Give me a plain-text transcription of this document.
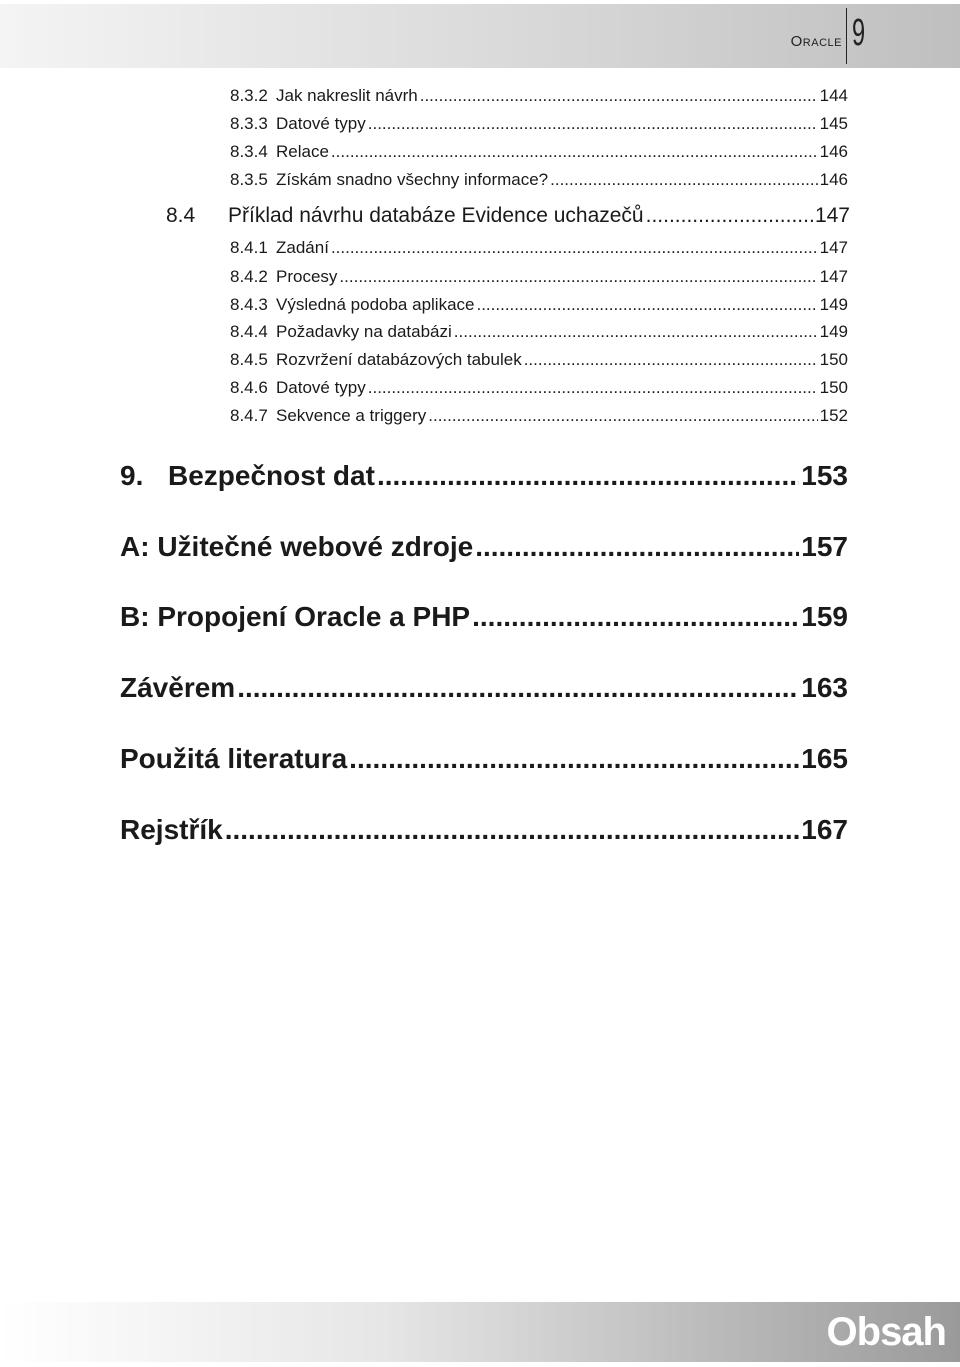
Oracle 9
8.3.2 Jak nakreslit návrh .....	144
8.3.3 Datové typy .....	145
8.3.4 Relace .....	146
8.3.5 Získám snadno všechny informace? .....	146
8.4	Příklad návrhu databáze Evidence uchazečů .....	147
8.4.1 Zadání .....	147
8.4.2 Procesy .....	147
8.4.3 Výsledná podoba aplikace .....	149
8.4.4 Požadavky na databázi .....	149
8.4.5 Rozvržení databázových tabulek .....	150
8.4.6 Datové typy .....	150
8.4.7 Sekvence a triggery .....	152
9. Bezpečnost dat .....	153
A: Užitečné webové zdroje .....	157
B: Propojení Oracle a PHP .....	159
Závěrem .....	163
Použitá literatura .....	165
Rejstřík .....	167
Obsah
